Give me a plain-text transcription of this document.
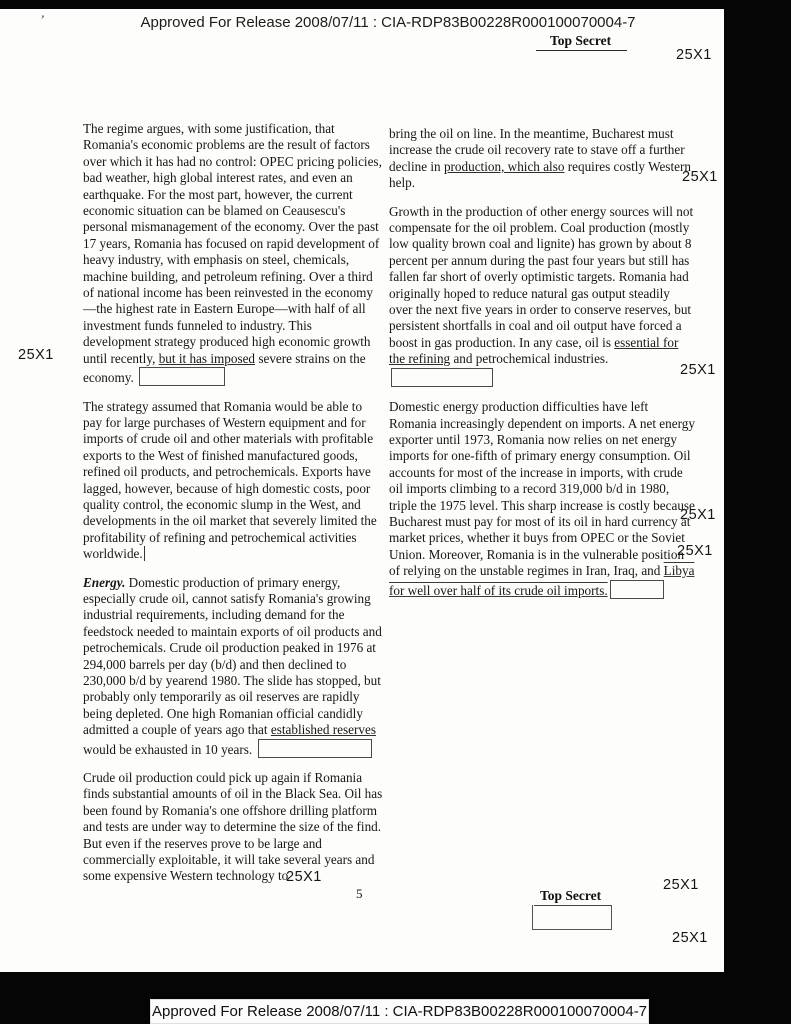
’	Approved For Release 2008/07/11 : CIA-RDP83B00228R000100070004-7
Top Secret
25X1
25X1
25X1
25X1
25X1
25X1
25X1	25X1
25X1

The regime argues, with some justification, that Romania's economic problems are the result of factors over which it has had no control: OPEC pricing policies, bad weather, high global interest rates, and even an earthquake. For the most part, however, the current economic situation can be blamed on Ceausescu's personal mismanagement of the economy. Over the past 17 years, Romania has focused on rapid development of heavy industry, with emphasis on steel, chemicals, machine building, and petroleum refining. Over a third of national income has been reinvested in the economy—the highest rate in Eastern Europe—with half of all investment funds funneled to industry. This development strategy produced high economic growth until recently, but it has imposed severe strains on the economy.

The strategy assumed that Romania would be able to pay for large purchases of Western equipment and for imports of crude oil and other materials with profitable exports to the West of finished manufactured goods, refined oil products, and petrochemicals. Exports have lagged, however, because of high domestic costs, poor quality control, the economic slump in the West, and developments in the oil market that severely limited the profitability of refining and petrochemical activities worldwide.

Energy. Domestic production of primary energy, especially crude oil, cannot satisfy Romania's growing industrial requirements, including demand for the feedstock needed to maintain exports of oil products and petrochemicals. Crude oil production peaked in 1976 at 294,000 barrels per day (b/d) and then declined to 230,000 b/d by yearend 1980. The slide has stopped, but probably only temporarily as oil reserves are rapidly being depleted. One high Romanian official candidly admitted a couple of years ago that established reserves would be exhausted in 10 years.

Crude oil production could pick up again if Romania finds substantial amounts of oil in the Black Sea. Oil has been found by Romania's one offshore drilling platform and tests are under way to determine the size of the find. But even if the reserves prove to be large and commercially exploitable, it will take several years and some expensive Western technology to

bring the oil on line. In the meantime, Bucharest must increase the crude oil recovery rate to stave off a further decline in production, which also requires costly Western help.

Growth in the production of other energy sources will not compensate for the oil problem. Coal production (mostly low quality brown coal and lignite) has grown by about 8 percent per annum during the past four years but still has fallen far short of overly optimistic targets. Romania had originally hoped to reduce natural gas output steadily over the next five years in order to conserve reserves, but persistent shortfalls in coal and oil output have forced a boost in gas production. In any case, oil is essential for the refining and petrochemical industries.

Domestic energy production difficulties have left Romania increasingly dependent on imports. A net energy exporter until 1973, Romania now relies on net energy imports for one-fifth of primary energy consumption. Oil accounts for most of the increase in imports, with crude oil imports climbing to a record 319,000 b/d in 1980, triple the 1975 level. This sharp increase is costly because Bucharest must pay for most of its oil in hard currency at market prices, whether it buys from OPEC or the Soviet Union. Moreover, Romania is in the vulnerable position of relying on the unstable regimes in Iran, Iraq, and Libya for well over half of its crude oil imports.

5	Top Secret
Approved For Release 2008/07/11 : CIA-RDP83B00228R000100070004-7
